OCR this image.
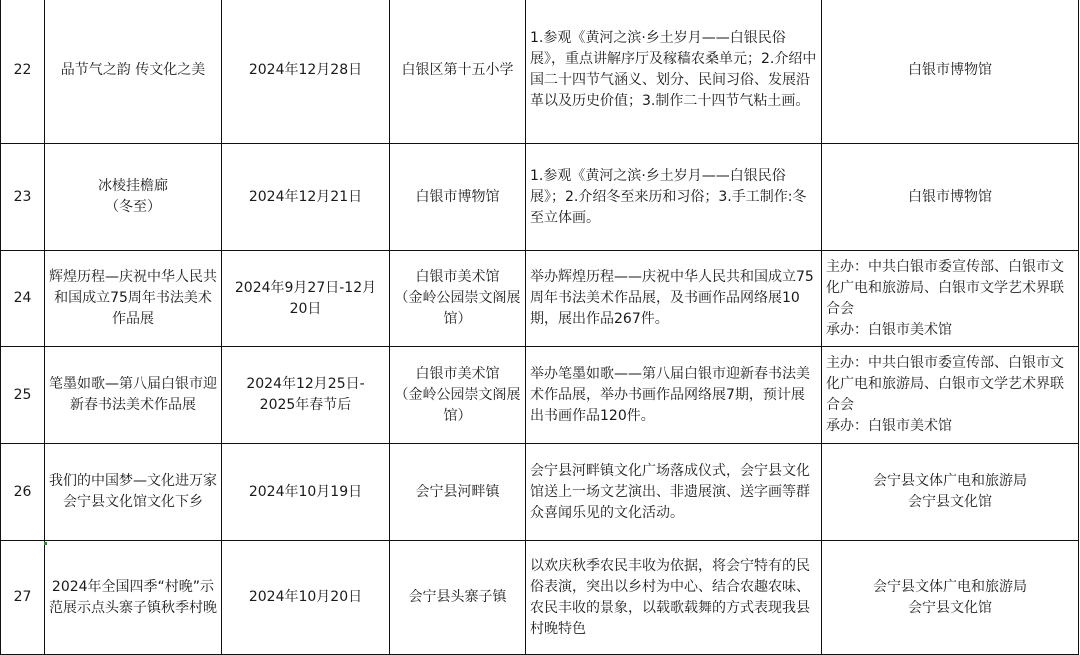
22	品节气之韵 传文化之美	2024年12月28日	白银区第十五小学	1.参观《黄河之滨·乡土岁月——白银民俗展》，重点讲解序厅及稼穑农桑单元；2.介绍中国二十四节气涵义、划分、民间习俗、发展沿革以及历史价值；3.制作二十四节气粘土画。	白银市博物馆

23	冰棱挂檐廊
（冬至）	2024年12月21日	白银市博物馆	1.参观《黄河之滨·乡土岁月——白银民俗展》；2.介绍冬至来历和习俗；3.手工制作:冬至立体画。	白银市博物馆

24	辉煌历程—庆祝中华人民共和国成立75周年书法美术作品展	2024年9月27日-12月20日	白银市美术馆
（金岭公园崇文阁展馆）	举办辉煌历程——庆祝中华人民共和国成立75周年书法美术作品展，及书画作品网络展10期，展出作品267件。	主办：中共白银市委宣传部、白银市文化广电和旅游局、白银市文学艺术界联合会
承办：白银市美术馆

25	笔墨如歌—第八届白银市迎新春书法美术作品展	2024年12月25日-
2025年春节后	白银市美术馆
（金岭公园崇文阁展馆）	举办笔墨如歌——第八届白银市迎新春书法美术作品展，举办书画作品网络展7期，预计展出书画作品120件。	主办：中共白银市委宣传部、白银市文化广电和旅游局、白银市文学艺术界联合会
承办：白银市美术馆

26	我们的中国梦—文化进万家
会宁县文化馆文化下乡	2024年10月19日	会宁县河畔镇	会宁县河畔镇文化广场落成仪式，会宁县文化馆送上一场文艺演出、非遗展演、送字画等群众喜闻乐见的文化活动。	会宁县文体广电和旅游局
会宁县文化馆

27	2024年全国四季“村晚”示范展示点头寨子镇秋季村晚	2024年10月20日	会宁县头寨子镇	以欢庆秋季农民丰收为依据，将会宁特有的民俗表演，突出以乡村为中心、结合农趣农味、农民丰收的景象，以载歌载舞的方式表现我县村晚特色	会宁县文体广电和旅游局
会宁县文化馆
